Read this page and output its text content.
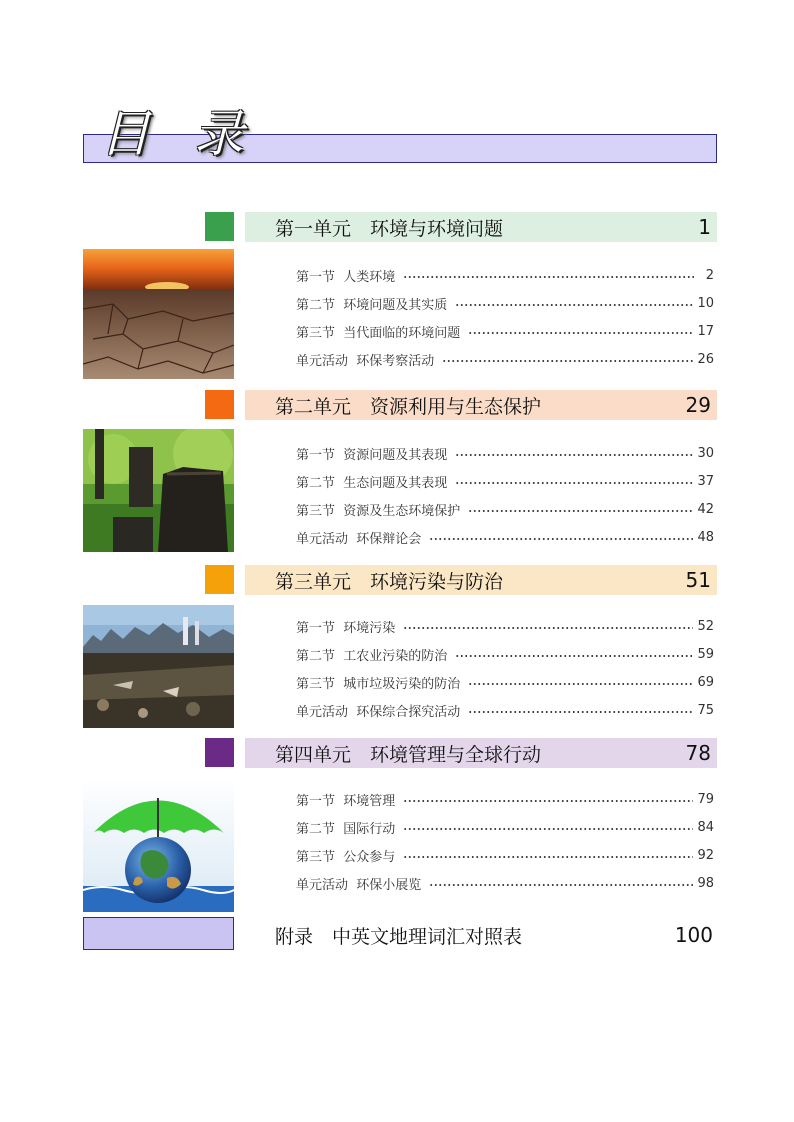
目 录
第一单元　环境与环境问题	1
第一节  人类环境	2
第二节  环境问题及其实质	10
第三节  当代面临的环境问题	17
单元活动  环保考察活动	26
第二单元　资源利用与生态保护	29
第一节  资源问题及其表现	30
第二节  生态问题及其表现	37
第三节  资源及生态环境保护	42
单元活动  环保辩论会	48
第三单元　环境污染与防治	51
第一节  环境污染	52
第二节  工农业污染的防治	59
第三节  城市垃圾污染的防治	69
单元活动  环保综合探究活动	75
第四单元　环境管理与全球行动	78
第一节  环境管理	79
第二节  国际行动	84
第三节  公众参与	92
单元活动  环保小展览	98
附录　中英文地理词汇对照表	100
